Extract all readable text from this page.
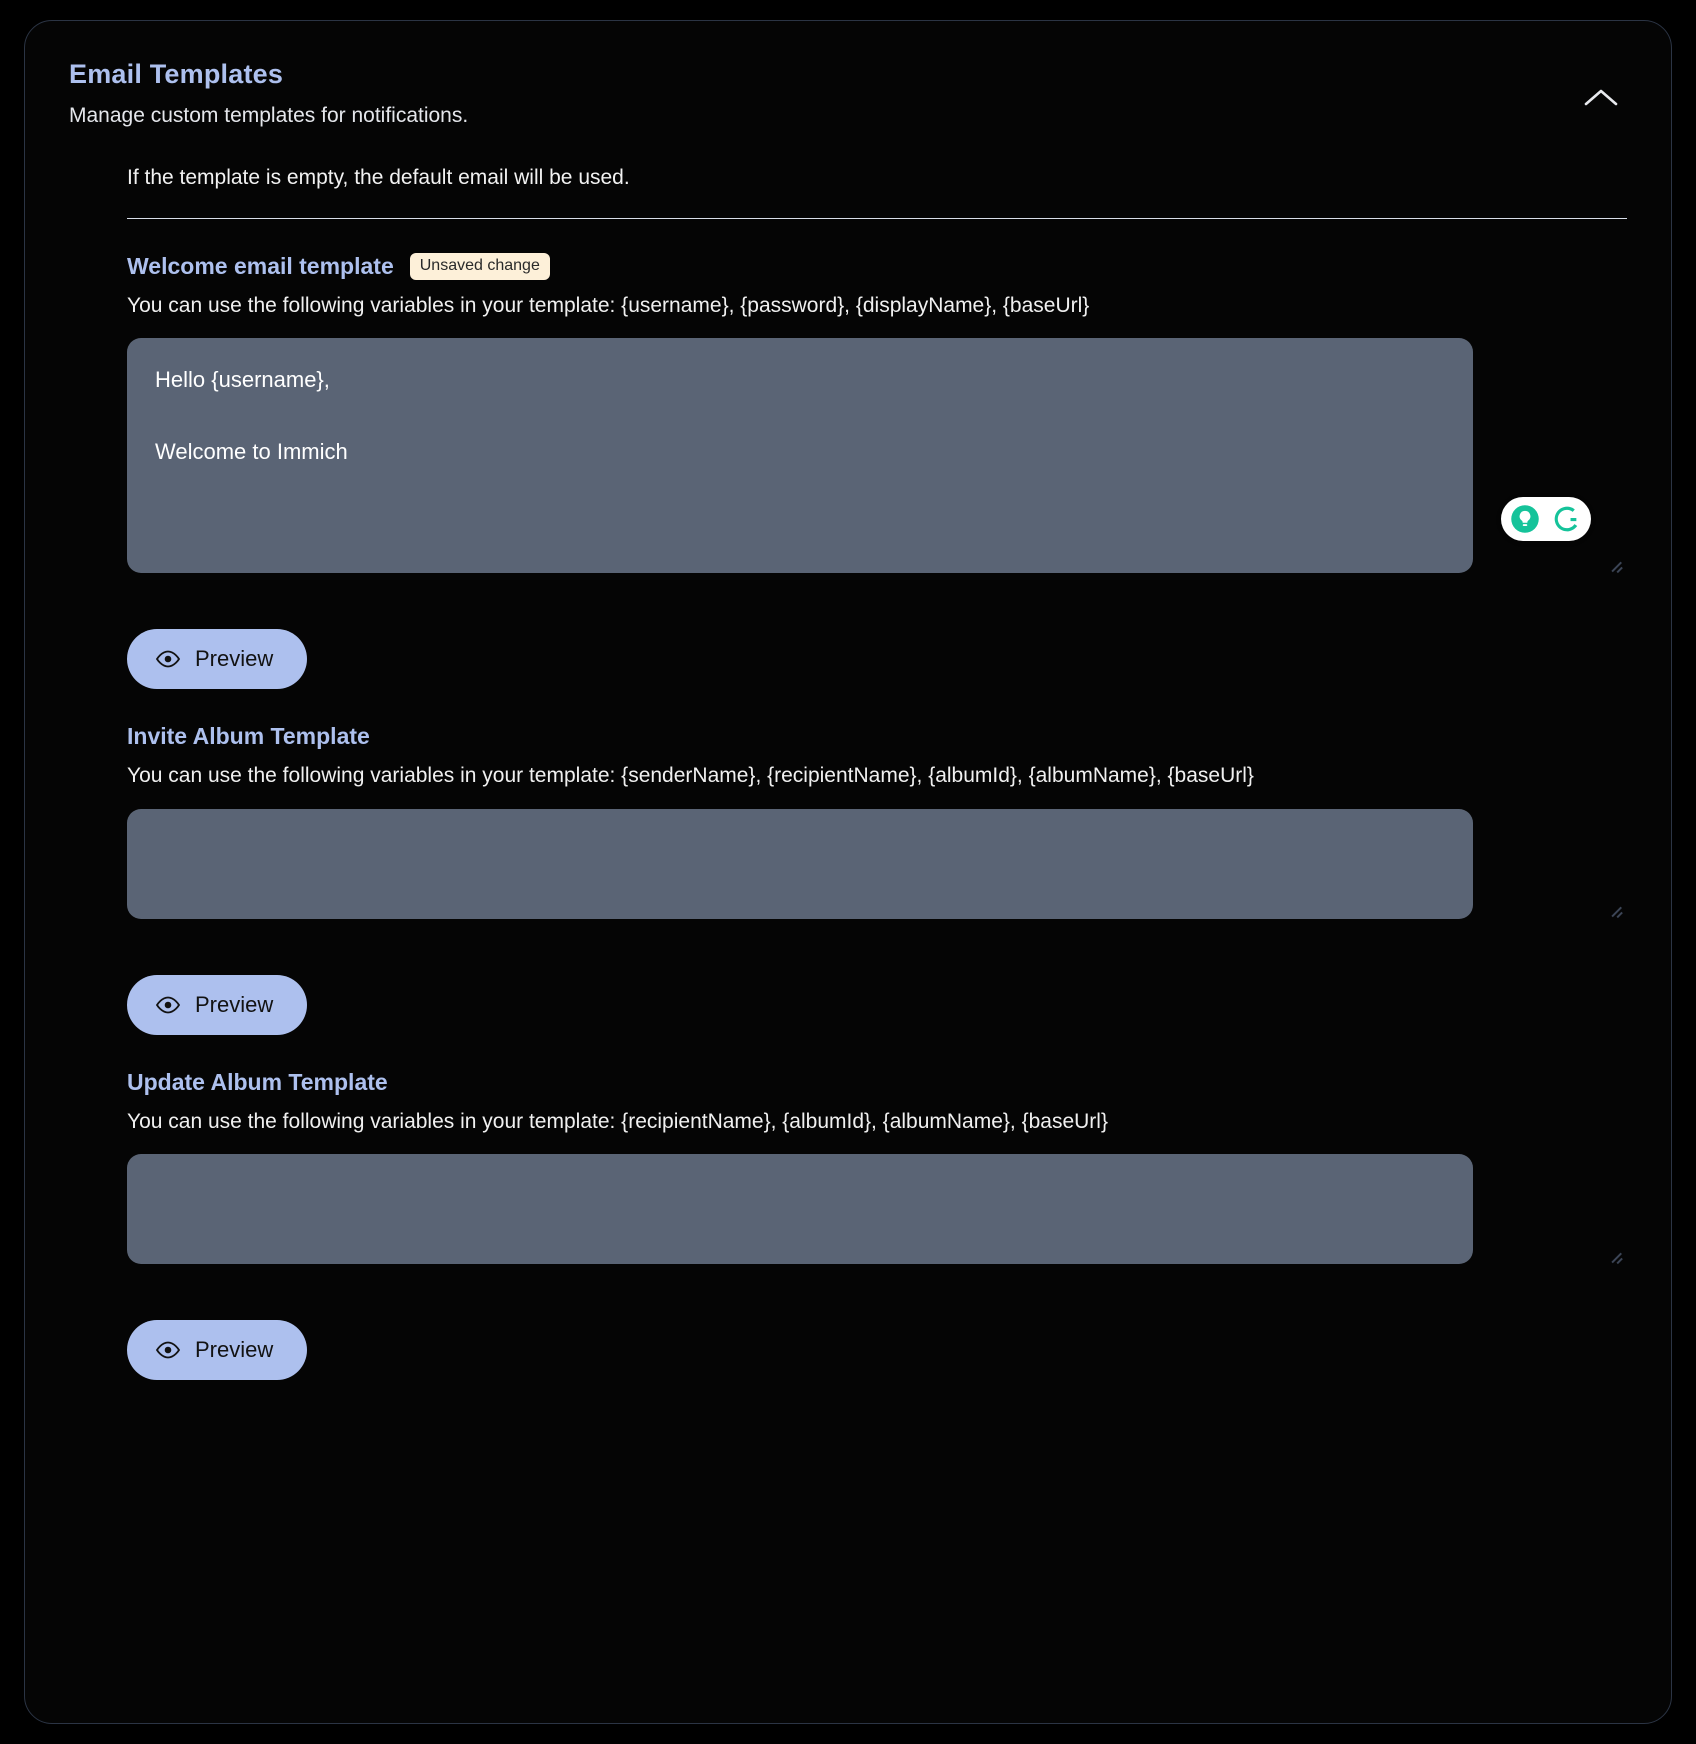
Email Templates
Manage custom templates for notifications.
If the template is empty, the default email will be used.
Welcome email template	Unsaved change
You can use the following variables in your template: {username}, {password}, {displayName}, {baseUrl}
Hello {username}, Welcome to Immich
Preview
Invite Album Template
You can use the following variables in your template: {senderName}, {recipientName}, {albumId}, {albumName}, {baseUrl}
Preview
Update Album Template
You can use the following variables in your template: {recipientName}, {albumId}, {albumName}, {baseUrl}
Preview
